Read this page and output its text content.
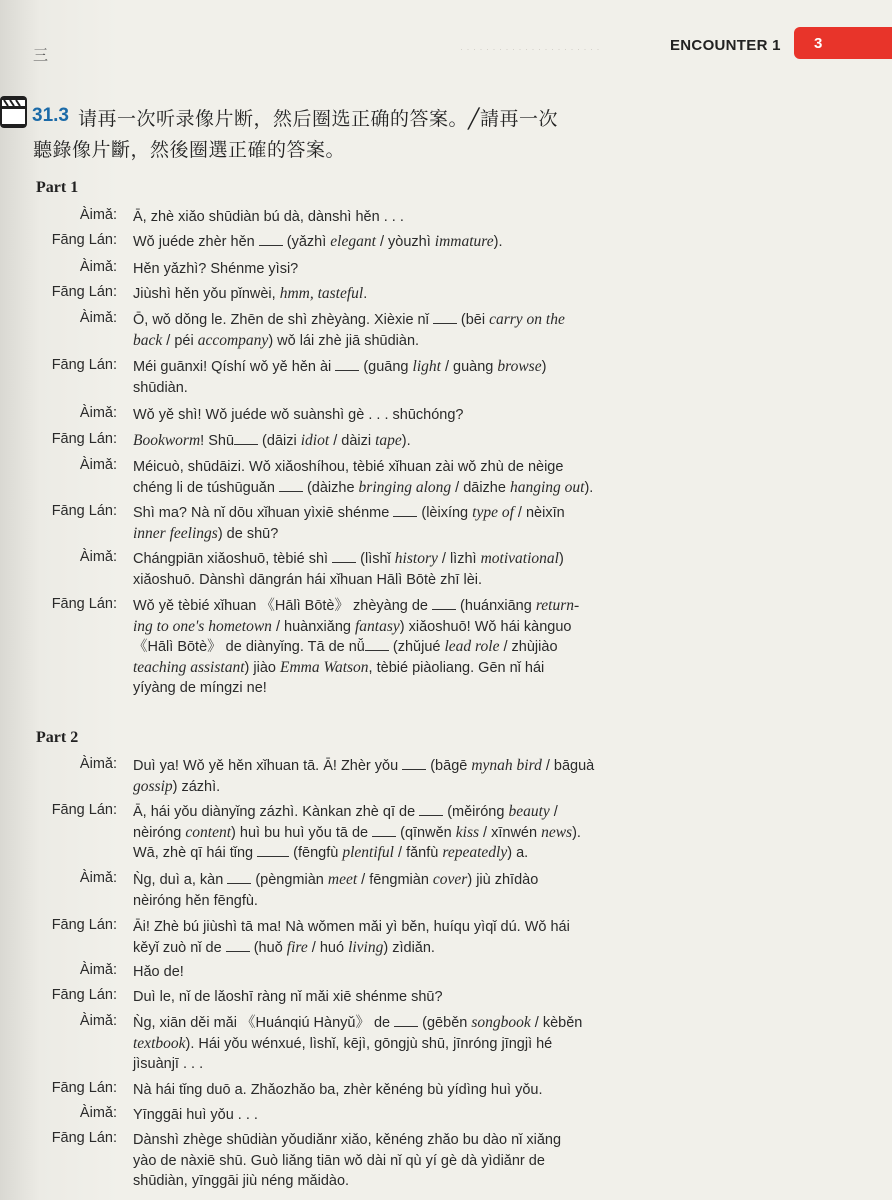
三	· · · · · · · · · · · · · · · · · · · · · ·	ENCOUNTER 1 3
31.3 请再一次听录像片断，然后圈选正确的答案。╱請再一次
聽錄像片斷，然後圈選正確的答案。
Part 1
Àimǎ: Ā, zhè xiǎo shūdiàn bú dà, dànshì hěn . . .
Fāng Lán: Wǒ juéde zhèr hěn  (yǎzhì elegant / yòuzhì immature).
Àimǎ: Hěn yǎzhì? Shénme yìsi?
Fāng Lán: Jiùshì hěn yǒu pǐnwèi, hmm, tasteful.
Àimǎ: Ō, wǒ dǒng le. Zhēn de shì zhèyàng. Xièxie nǐ  (bēi carry on the
back / péi accompany) wǒ lái zhè jiā shūdiàn.
Fāng Lán: Méi guānxi! Qíshí wǒ yě hěn ài  (guāng light / guàng browse)
shūdiàn.
Àimǎ: Wǒ yě shì! Wǒ juéde wǒ suànshì gè . . . shūchóng?
Fāng Lán: Bookworm! Shū (dāizi idiot / dàizi tape).
Àimǎ: Méicuò, shūdāizi. Wǒ xiǎoshíhou, tèbié xǐhuan zài wǒ zhù de nèige
chéng li de túshūguǎn  (dàizhe bringing along / dāizhe hanging out).
Fāng Lán: Shì ma? Nà nǐ dōu xǐhuan yìxiē shénme  (lèixíng type of / nèixīn
inner feelings) de shū?
Àimǎ: Chángpiān xiǎoshuō, tèbié shì  (lìshǐ history / lìzhì motivational)
xiǎoshuō. Dànshì dāngrán hái xǐhuan Hālì Bōtè zhī lèi.
Fāng Lán: Wǒ yě tèbié xǐhuan 《Hālì Bōtè》 zhèyàng de  (huánxiāng return-
ing to one's hometown / huànxiǎng fantasy) xiǎoshuō! Wǒ hái kànguo
《Hālì Bōtè》 de diànyǐng. Tā de nǚ (zhǔjué lead role / zhùjiào
teaching assistant) jiào Emma Watson, tèbié piàoliang. Gēn nǐ hái
yíyàng de míngzi ne!
Part 2
Àimǎ: Duì ya! Wǒ yě hěn xǐhuan tā. Ā! Zhèr yǒu  (bāgē mynah bird / bāguà
gossip) zázhì.
Fāng Lán: Ā, hái yǒu diànyǐng zázhì. Kànkan zhè qī de  (měiróng beauty /
nèiróng content) huì bu huì yǒu tā de  (qīnwěn kiss / xīnwén news).
Wā, zhè qī hái tǐng  (fēngfù plentiful / fǎnfù repeatedly) a.
Àimǎ: Ǹg, duì a, kàn  (pèngmiàn meet / fēngmiàn cover) jiù zhīdào
nèiróng hěn fēngfù.
Fāng Lán: Āi! Zhè bú jiùshì tā ma! Nà wǒmen mǎi yì běn, huíqu yìqǐ dú. Wǒ hái
kěyǐ zuò nǐ de  (huǒ fire / huó living) zìdiǎn.
Àimǎ: Hǎo de!
Fāng Lán: Duì le, nǐ de lǎoshī ràng nǐ mǎi xiē shénme shū?
Àimǎ: Ǹg, xiān děi mǎi 《Huánqiú Hànyǔ》 de  (gēběn songbook / kèběn
textbook). Hái yǒu wénxué, lìshǐ, kējì, gōngjù shū, jīnróng jīngjì hé
jìsuànjī . . .
Fāng Lán: Nà hái tǐng duō a. Zhǎozhǎo ba, zhèr kěnéng bù yídìng huì yǒu.
Àimǎ: Yīnggāi huì yǒu . . .
Fāng Lán: Dànshì zhège shūdiàn yǒudiǎnr xiǎo, kěnéng zhǎo bu dào nǐ xiǎng
yào de nàxiē shū. Guò liǎng tiān wǒ dài nǐ qù yí gè dà yìdiǎnr de
shūdiàn, yīnggāi jiù néng mǎidào.
